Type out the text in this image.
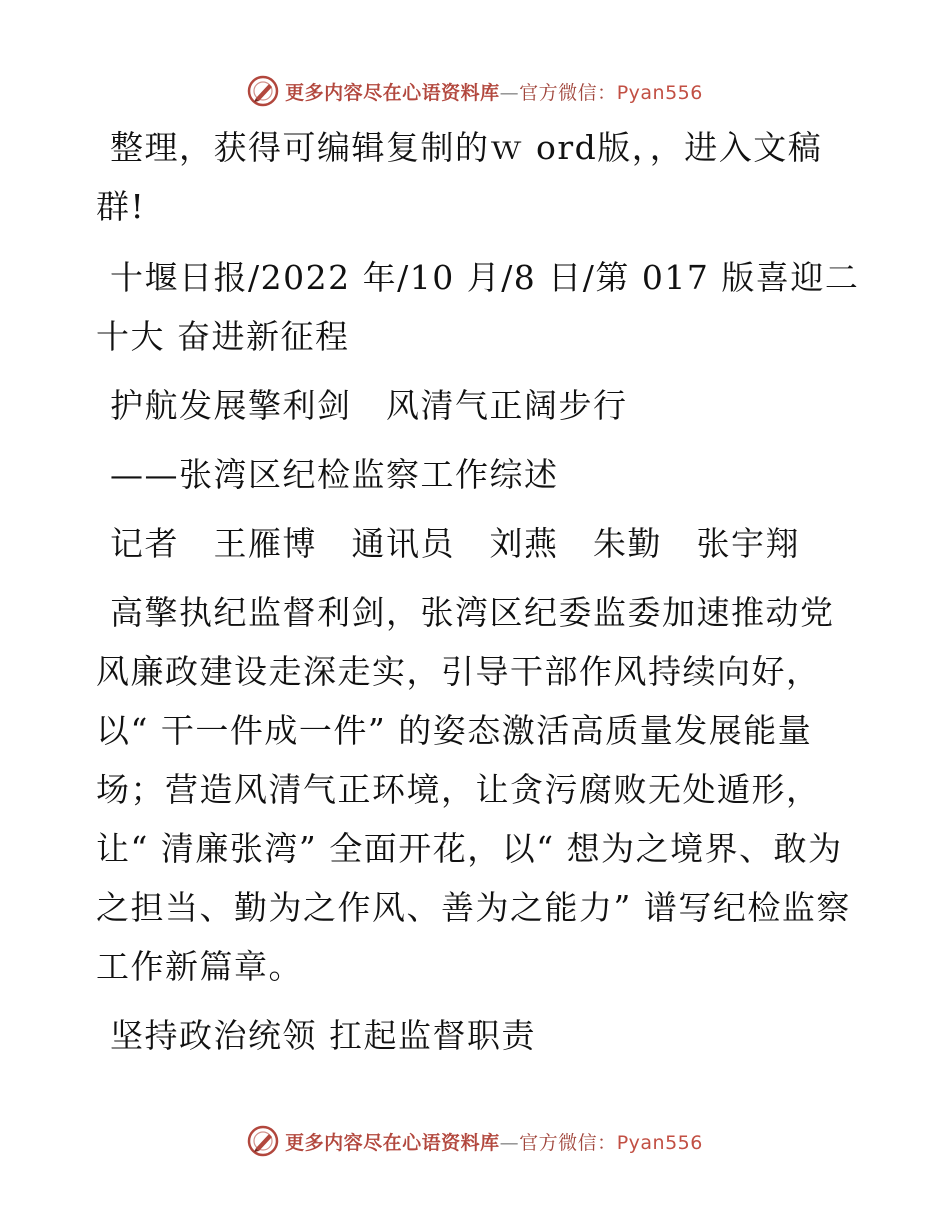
更多内容尽在心语资料库—官方微信：Pyan556

整理，获得可编辑复制的ｗ ord版，，进入文稿群!

十堰日报/2022 年/10 月/8 日/第 017 版喜迎二十大 奋进新征程

护航发展擎利剑　风清气正阔步行

——张湾区纪检监察工作综述

记者　王雁博　通讯员　刘燕　朱勤　张宇翔

高擎执纪监督利剑，张湾区纪委监委加速推动党风廉政建设走深走实，引导干部作风持续向好，以“ 干一件成一件” 的姿态激活高质量发展能量场；营造风清气正环境，让贪污腐败无处遁形，让“ 清廉张湾” 全面开花，以“ 想为之境界、敢为之担当、勤为之作风、善为之能力” 谱写纪检监察工作新篇章。

坚持政治统领 扛起监督职责

更多内容尽在心语资料库—官方微信：Pyan556
